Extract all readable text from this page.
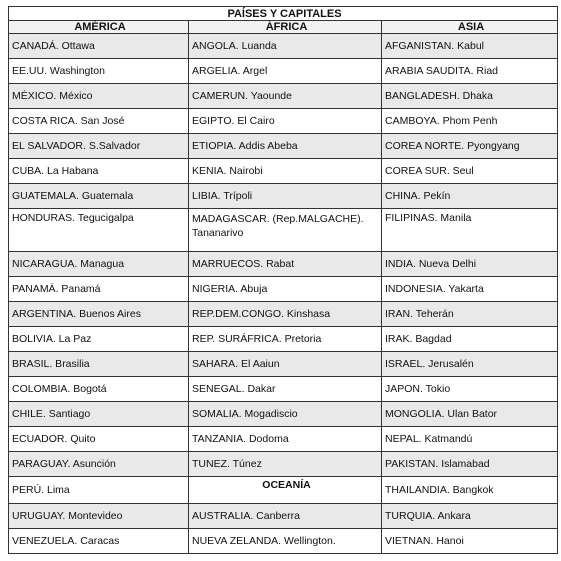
PAÍSES Y CAPITALES		
AMÉRICA	ÁFRICA	ASIA
CANADÁ. Ottawa	ANGOLA. Luanda	AFGANISTAN. Kabul
EE.UU. Washington	ARGELIA. Argel	ARABIA SAUDITA. Riad
MÉXICO. México	CAMERUN. Yaounde	BANGLADESH. Dhaka
COSTA RICA. San José	EGIPTO. El Cairo	CAMBOYA. Phom Penh
EL SALVADOR. S.Salvador	ETIOPIA. Addis Abeba	COREA NORTE. Pyongyang
CUBA. La Habana	KENIA. Nairobi	COREA SUR. Seul
GUATEMALA. Guatemala	LIBIA. Trípoli	CHINA. Pekín
HONDURAS. Tegucigalpa	MADAGASCAR. (Rep.MALGACHE). Tananarivo	FILIPINAS. Manila
NICARAGUA. Managua	MARRUECOS. Rabat	INDIA. Nueva Delhi
PANAMÁ. Panamá	NIGERIA. Abuja	INDONESIA. Yakarta
ARGENTINA. Buenos Aires	REP.DEM.CONGO. Kinshasa	IRAN. Teherán
BOLIVIA. La Paz	REP. SURÁFRICA. Pretoria	IRAK. Bagdad
BRASIL. Brasilia	SAHARA. El Aaiun	ISRAEL. Jerusalén
COLOMBIA. Bogotá	SENEGAL. Dakar	JAPON. Tokio
CHILE. Santiago	SOMALIA. Mogadiscio	MONGOLIA. Ulan Bator
ECUADOR. Quito	TANZANIA. Dodoma	NEPAL. Katmandú
PARAGUAY. Asunción	TUNEZ. Túnez	PAKISTAN. Islamabad
PERÚ. Lima	OCEANÍA	THAILANDIA. Bangkok
URUGUAY. Montevideo	AUSTRALIA. Canberra	TURQUIA. Ankara
VENEZUELA. Caracas	NUEVA ZELANDA. Wellington.	VIETNAN. Hanoi
